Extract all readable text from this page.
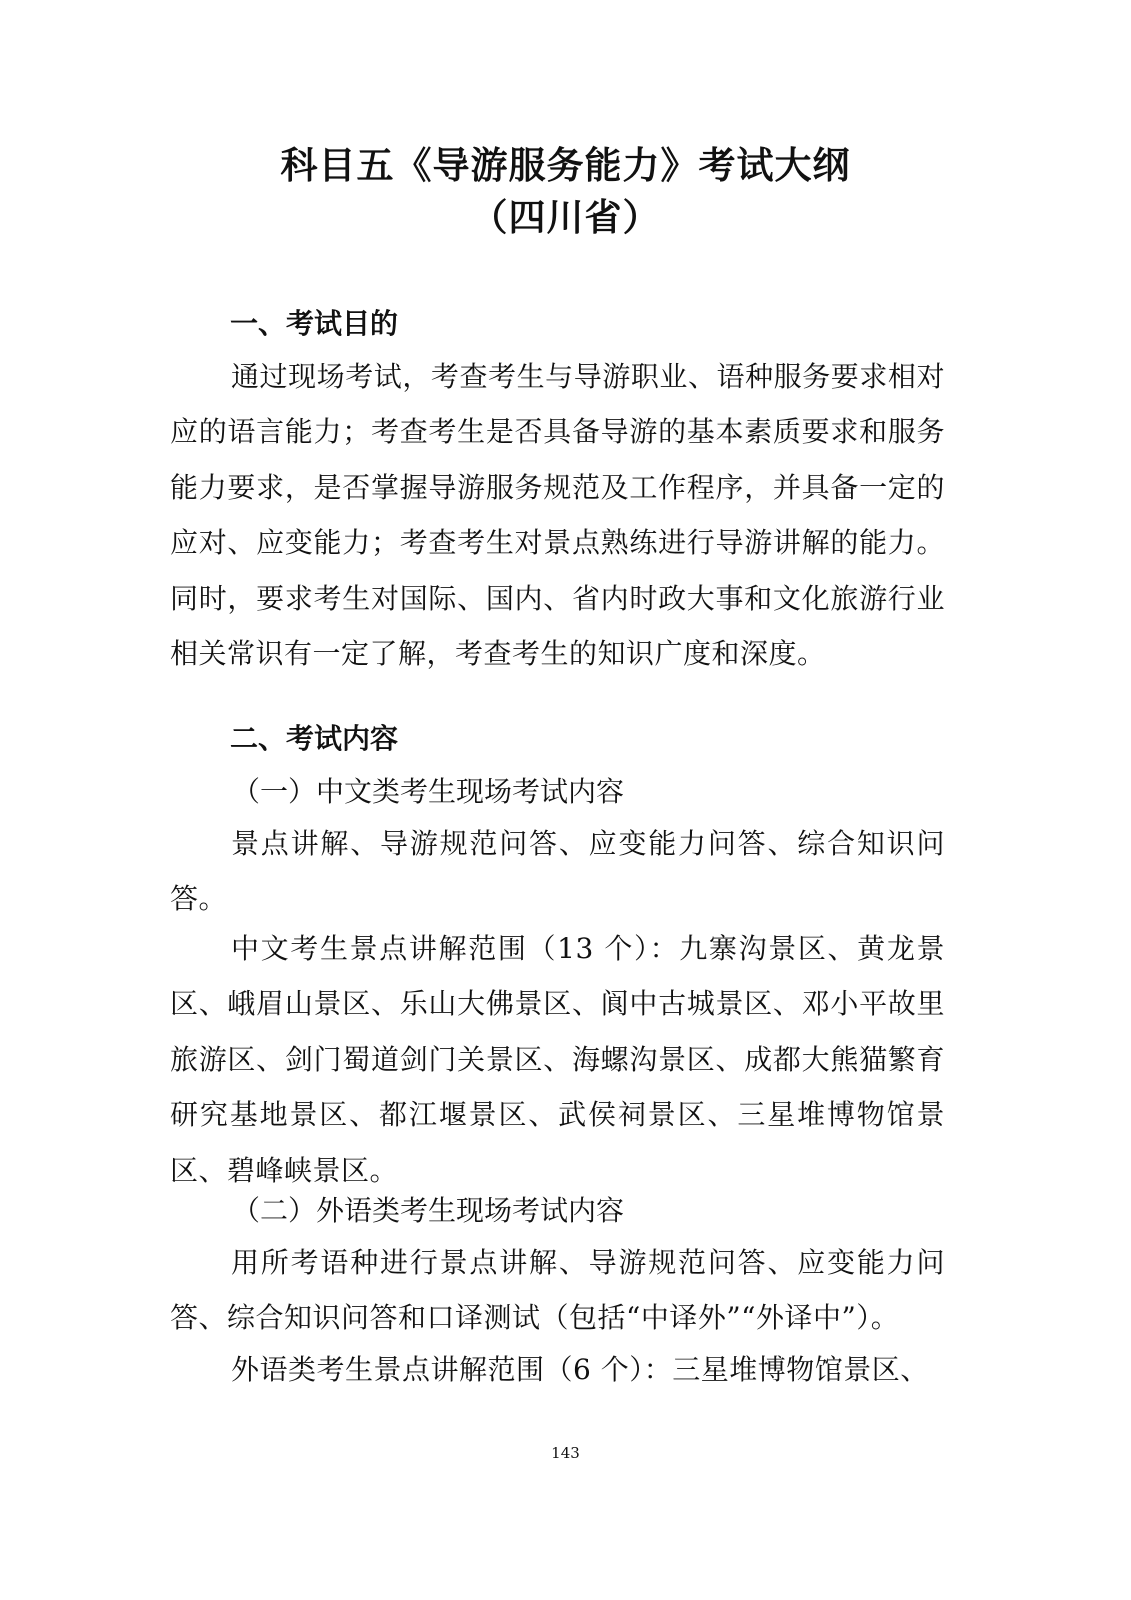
科目五《导游服务能力》考试大纲
（四川省）
一、考试目的

通过现场考试，考查考生与导游职业、语种服务要求相对应的语言能力；考查考生是否具备导游的基本素质要求和服务能力要求，是否掌握导游服务规范及工作程序，并具备一定的应对、应变能力；考查考生对景点熟练进行导游讲解的能力。同时，要求考生对国际、国内、省内时政大事和文化旅游行业相关常识有一定了解，考查考生的知识广度和深度。

二、考试内容
（一）中文类考生现场考试内容

景点讲解、导游规范问答、应变能力问答、综合知识问答。

中文考生景点讲解范围（13 个）：九寨沟景区、黄龙景区、峨眉山景区、乐山大佛景区、阆中古城景区、邓小平故里旅游区、剑门蜀道剑门关景区、海螺沟景区、成都大熊猫繁育研究基地景区、都江堰景区、武侯祠景区、三星堆博物馆景区、碧峰峡景区。

（二）外语类考生现场考试内容

用所考语种进行景点讲解、导游规范问答、应变能力问答、综合知识问答和口译测试（包括“中译外”“外译中”）。

外语类考生景点讲解范围（6 个）：三星堆博物馆景区、

143
